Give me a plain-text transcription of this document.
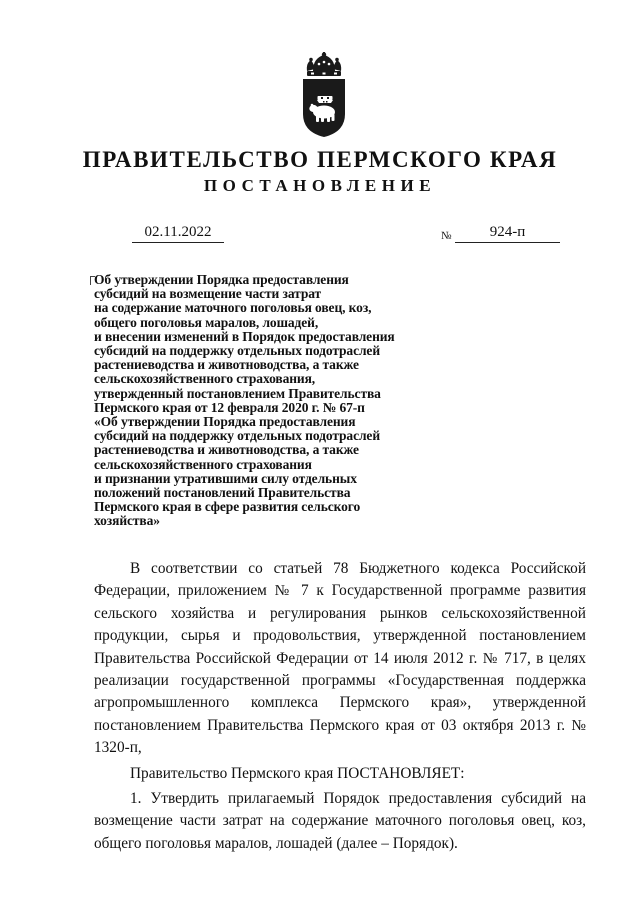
ПРАВИТЕЛЬСТВО ПЕРМСКОГО КРАЯ
ПОСТАНОВЛЕНИЕ
02.11.2022	№	924-п
Об утверждении Порядка предоставления
субсидий на возмещение части затрат
на содержание маточного поголовья овец, коз,
общего поголовья маралов, лошадей,
и внесении изменений в Порядок предоставления
субсидий на поддержку отдельных подотраслей
растениеводства и животноводства, а также
сельскохозяйственного страхования,
утвержденный постановлением Правительства
Пермского края от 12 февраля 2020 г. № 67-п
«Об утверждении Порядка предоставления
субсидий на поддержку отдельных подотраслей
растениеводства и животноводства, а также
сельскохозяйственного страхования
и признании утратившими силу отдельных
положений постановлений Правительства
Пермского края в сфере развития сельского
хозяйства»

В соответствии со статьей 78 Бюджетного кодекса Российской Федерации, приложением № 7 к Государственной программе развития сельского хозяйства и регулирования рынков сельскохозяйственной продукции, сырья и продовольствия, утвержденной постановлением Правительства Российской Федерации от 14 июля 2012 г. № 717, в целях реализации государственной программы «Государственная поддержка агропромышленного комплекса Пермского края», утвержденной постановлением Правительства Пермского края от 03 октября 2013 г. № 1320-п,

Правительство Пермского края ПОСТАНОВЛЯЕТ:

1. Утвердить прилагаемый Порядок предоставления субсидий на возмещение части затрат на содержание маточного поголовья овец, коз, общего поголовья маралов, лошадей (далее – Порядок).
